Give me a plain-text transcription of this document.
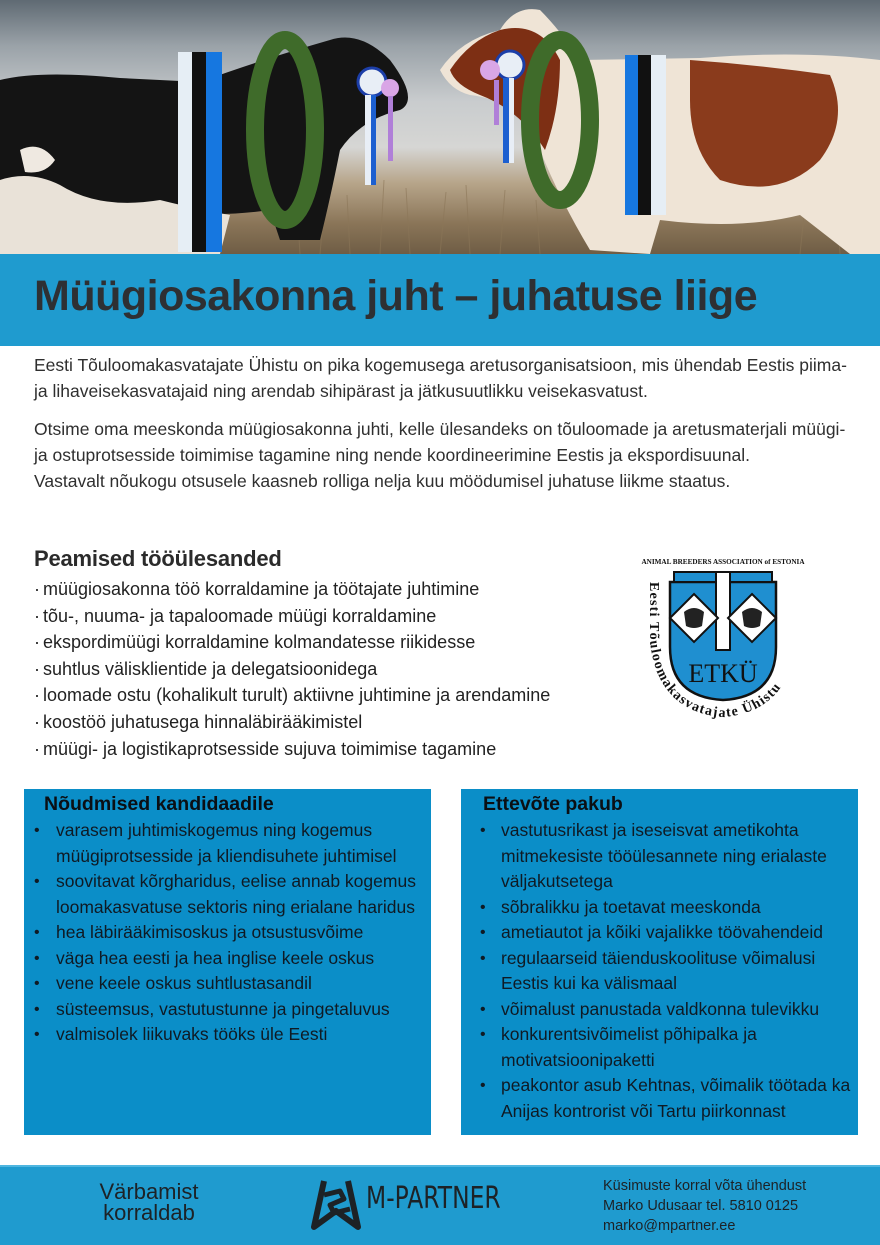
Müügiosakonna juht – juhatuse liige

Eesti Tõuloomakasvatajate Ühistu on pika kogemusega aretusorganisatsioon, mis ühendab Eestis piima- ja lihaveisekasvatajaid ning arendab sihipärast ja jätkusuutlikku veisekasvatust.

Otsime oma meeskonda müügiosakonna juhti, kelle ülesandeks on tõuloomade ja aretusmaterjali müügi- ja ostuprotsesside toimimise tagamine ning nende koordineerimine Eestis ja ekspordisuunal.

Vastavalt nõukogu otsusele kaasneb rolliga nelja kuu möödumisel juhatuse liikme staatus.

Peamised tööülesanded
· müügiosakonna töö korraldamine ja töötajate juhtimine
· tõu-, nuuma- ja tapaloomade müügi korraldamine
· ekspordimüügi korraldamine kolmandatesse riikidesse
· suhtlus välisklientide ja delegatsioonidega
· loomade ostu (kohalikult turult) aktiivne juhtimine ja arendamine
· koostöö juhatusega hinnaläbirääkimistel
· müügi- ja logistikaprotsesside sujuva toimimise tagamine
ANIMAL BREEDERS ASSOCIATION of ESTONIA
ETKÜ
Eesti Tõuloomakasvatajate Ühistu
Nõudmised kandidaadile
• varasem juhtimiskogemus ning kogemus müügiprotsesside ja kliendisuhete juhtimisel
• soovitavat kõrgharidus, eelise annab kogemus loomakasvatuse sektoris ning erialane haridus
• hea läbirääkimisoskus ja otsustusvõime
• väga hea eesti ja hea inglise keele oskus
• vene keele oskus suhtlustasandil
• süsteemsus, vastutustunne ja pingetaluvus
• valmisolek liikuvaks tööks üle Eesti
Ettevõte pakub
• vastutusrikast ja iseseisvat ametikohta mitmekesiste tööülesannete ning erialaste väljakutsetega
• sõbralikku ja toetavat meeskonda
• ametiautot ja kõiki vajalikke töövahendeid
• regulaarseid täienduskoolituse võimalusi Eestis kui ka välismaal
• võimalust panustada valdkonna tulevikku
• konkurentsivõimelist põhipalka ja motivatsioonipaketti
• peakontor asub Kehtnas, võimalik töötada ka Anijas kontrorist või Tartu piirkonnast
Värbamist
korraldab	M-PARTNER	Küsimuste korral võta ühendust
Marko Udusaar tel. 5810 0125
marko@mpartner.ee
